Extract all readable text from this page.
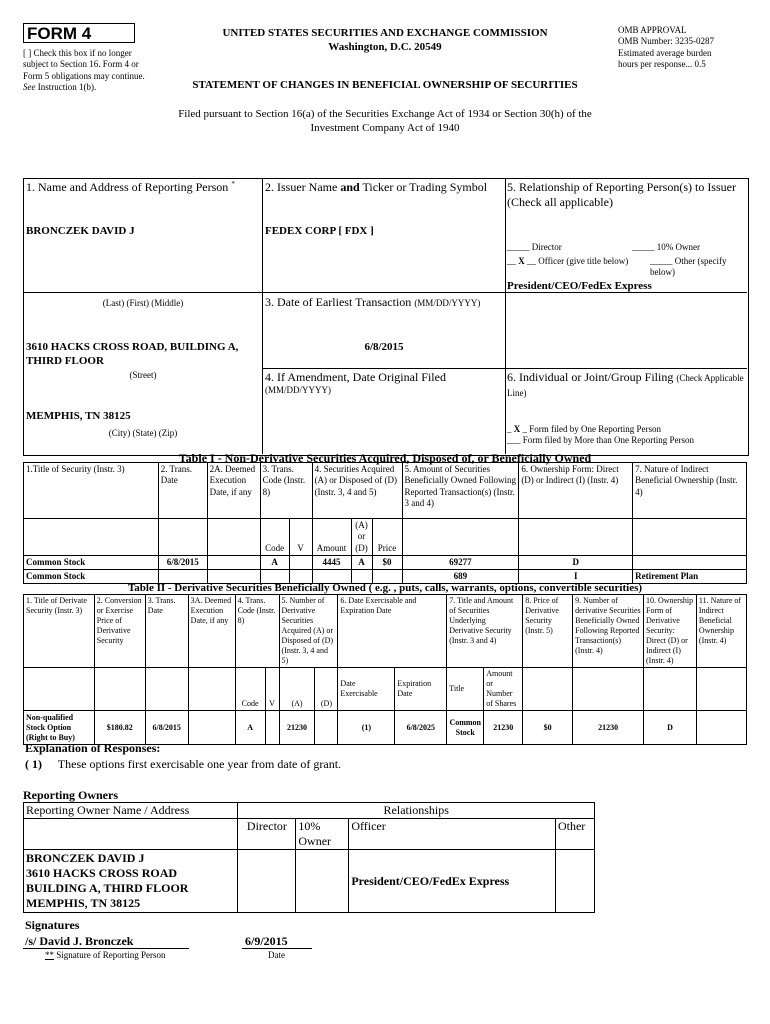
FORM 4
[ ] Check this box if no longer subject to Section 16. Form 4 or Form 5 obligations may continue. See Instruction 1(b).
UNITED STATES SECURITIES AND EXCHANGE COMMISSION
Washington, D.C. 20549
STATEMENT OF CHANGES IN BENEFICIAL OWNERSHIP OF SECURITIES
OMB APPROVAL
OMB Number: 3235-0287
Estimated average burden
hours per response... 0.5
Filed pursuant to Section 16(a) of the Securities Exchange Act of 1934 or Section 30(h) of the
Investment Company Act of 1940
1. Name and Address of Reporting Person *
BRONCZEK DAVID J
(Last) (First) (Middle)
3610 HACKS CROSS ROAD, BUILDING A, THIRD FLOOR
(Street)
MEMPHIS, TN 38125
(City) (State) (Zip)
2. Issuer Name and Ticker or Trading Symbol
FEDEX CORP [ FDX ]
3. Date of Earliest Transaction (MM/DD/YYYY)
6/8/2015
4. If Amendment, Date Original Filed
(MM/DD/YYYY)
5. Relationship of Reporting Person(s) to Issuer
(Check all applicable)
_____ Director	_____ 10% Owner
__ X __ Officer (give title below) _____ Other (specify below)
President/CEO/FedEx Express
6. Individual or Joint/Group Filing (Check Applicable Line)
_ X _ Form filed by One Reporting Person
___ Form filed by More than One Reporting Person
Table I - Non-Derivative Securities Acquired, Disposed of, or Beneficially Owned
1.Title of Security (Instr. 3)	2. Trans. Date	2A. Deemed Execution Date, if any	3. Trans. Code (Instr. 8)		4. Securities Acquired (A) or Disposed of (D) (Instr. 3, 4 and 5)			5. Amount of Securities Beneficially Owned Following Reported Transaction(s) (Instr. 3 and 4)	6. Ownership Form: Direct (D) or Indirect (I) (Instr. 4)	7. Nature of Indirect Beneficial Ownership (Instr. 4)
			Code	V	Amount	(A) or (D)	Price			
Common Stock	6/8/2015		A		4445	A	$0	69277	D	
Common Stock								689	I	Retirement Plan
Table II - Derivative Securities Beneficially Owned ( e.g. , puts, calls, warrants, options, convertible securities)
1. Title of Derivate Security (Instr. 3)	2. Conversion or Exercise Price of Derivative Security	3. Trans. Date	3A. Deemed Execution Date, if any	4. Trans. Code (Instr. 8)		5. Number of Derivative Securities Acquired (A) or Disposed of (D) (Instr. 3, 4 and 5)		6. Date Exercisable and Expiration Date		7. Title and Amount of Securities Underlying Derivative Security (Instr. 3 and 4)		8. Price of Derivative Security (Instr. 5)	9. Number of derivative Securities Beneficially Owned Following Reported Transaction(s) (Instr. 4)	10. Ownership Form of Derivative Security: Direct (D) or Indirect (I) (Instr. 4)	11. Nature of Indirect Beneficial Ownership (Instr. 4)
				Code	V	(A)	(D)	Date Exercisable	Expiration Date	Title	Amount or Number of Shares				
Non-qualified Stock Option (Right to Buy)	$180.82	6/8/2015		A		21230		(1)	6/8/2025	Common Stock	21230	$0	21230	D	
Explanation of Responses:
( 1) These options first exercisable one year from date of grant.
Reporting Owners
Reporting Owner Name / Address	Relationships			
	Director	10% Owner	Officer	Other

BRONCZEK DAVID J
3610 HACKS CROSS ROAD
BUILDING A, THIRD FLOOR
MEMPHIS, TN 38125			President/CEO/FedEx Express	
Signatures
/s/ David J. Bronczek	6/9/2015
** Signature of Reporting Person	Date
